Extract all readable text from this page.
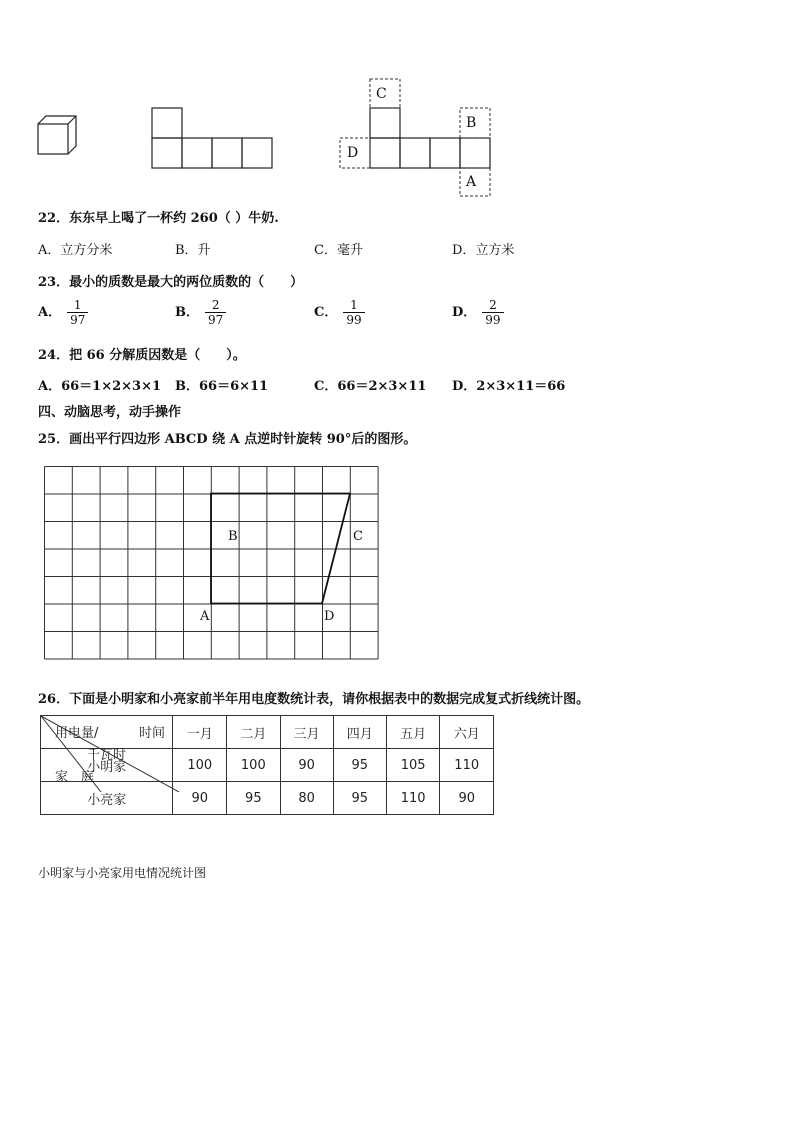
C
D
B
A
22．东东早上喝了一杯约 260（ ）牛奶.
A．立方分米	B．升	C．毫升	D．立方米
23．最小的质数是最大的两位质数的（　　）
A． $\frac{1}{97}$	B． $\frac{2}{97}$	C． $\frac{1}{99}$	D． $\frac{2}{99}$
24．把 66 分解质因数是（　　）。
A．66＝1×2×3×1 B．66＝6×11	C．66＝2×3×11 D．2×3×11＝66
四、动脑思考，动手操作
25．画出平行四边形 ABCD 绕 A 点逆时针旋转 90°后的图形。
B	C
A	D
26．下面是小明家和小亮家前半年用电度数统计表，请你根据表中的数据完成复式折线统计图。
用电量/ 时间
千瓦时
家　庭	一月	二月	三月	四月	五月	六月
小明家	100	100	90	95	105	110
小亮家	90	95	80	95	110	90
小明家与小亮家用电情况统计图
